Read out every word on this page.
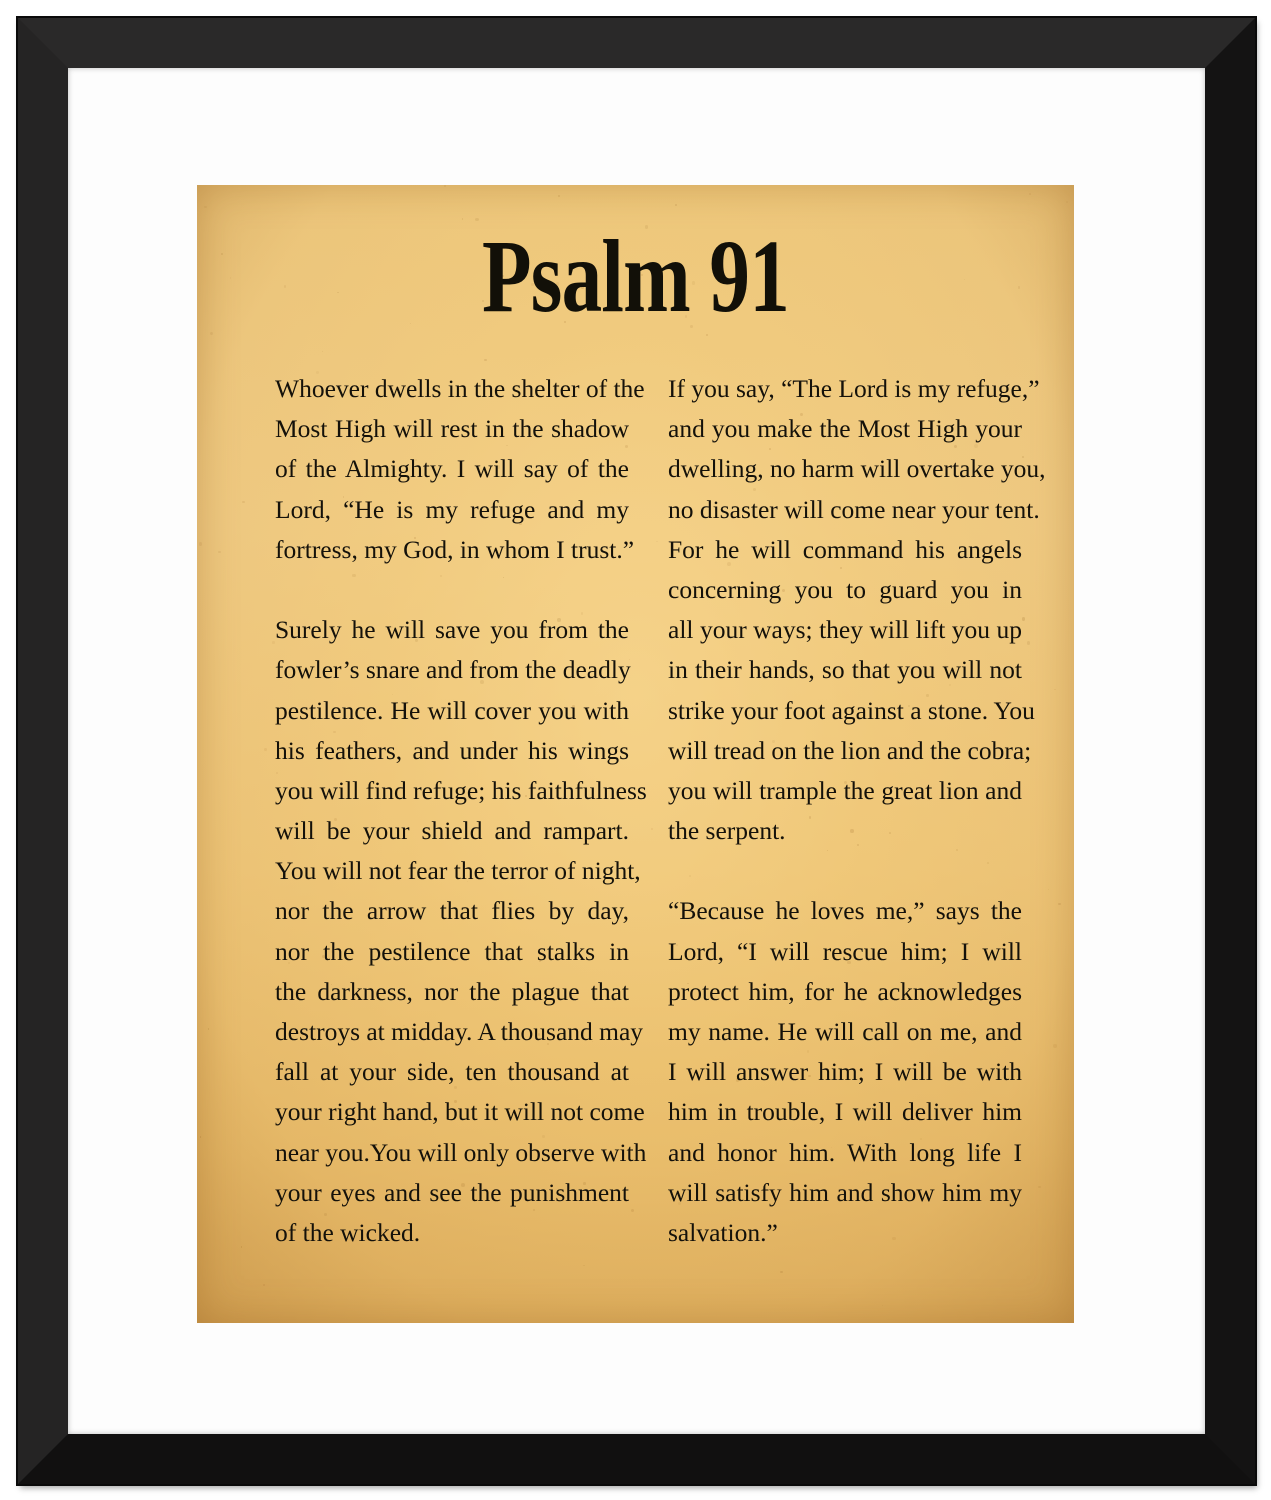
Psalm 91
Whoever dwells in the shelter of the
Most High will rest in the shadow
of the Almighty. I will say of the
Lord, “He is my refuge and my
fortress, my God, in whom I trust.”
Surely he will save you from the
fowler’s snare and from the deadly
pestilence. He will cover you with
his feathers, and under his wings
you will find refuge; his faithfulness
will be your shield and rampart.
You will not fear the terror of night,
nor the arrow that flies by day,
nor the pestilence that stalks in
the darkness, nor the plague that
destroys at midday. A thousand may
fall at your side, ten thousand at
your right hand, but it will not come
near you.You will only observe with
your eyes and see the punishment
of the wicked.
If you say, “The Lord is my refuge,”
and you make the Most High your
dwelling, no harm will overtake you,
no disaster will come near your tent.
For he will command his angels
concerning you to guard you in
all your ways; they will lift you up
in their hands, so that you will not
strike your foot against a stone. You
will tread on the lion and the cobra;
you will trample the great lion and
the serpent.
“Because he loves me,” says the
Lord, “I will rescue him; I will
protect him, for he acknowledges
my name. He will call on me, and
I will answer him; I will be with
him in trouble, I will deliver him
and honor him. With long life I
will satisfy him and show him my
salvation.”
